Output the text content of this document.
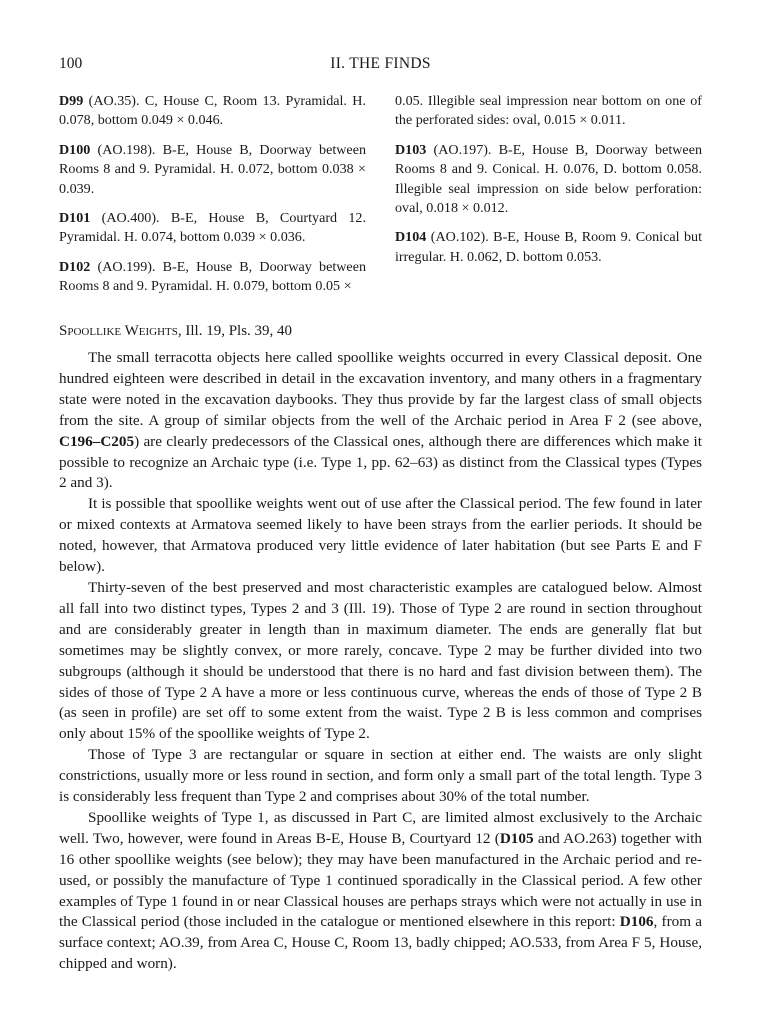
100	II. THE FINDS

D99 (AO.35). C, House C, Room 13. Pyramidal. H. 0.078, bottom 0.049 × 0.046.

D100 (AO.198). B-E, House B, Doorway between Rooms 8 and 9. Pyramidal. H. 0.072, bottom 0.038 × 0.039.

D101 (AO.400). B-E, House B, Courtyard 12. Pyramidal. H. 0.074, bottom 0.039 × 0.036.

D102 (AO.199). B-E, House B, Doorway between Rooms 8 and 9. Pyramidal. H. 0.079, bottom 0.05 ×

0.05. Illegible seal impression near bottom on one of the perforated sides: oval, 0.015 × 0.011.

D103 (AO.197). B-E, House B, Doorway between Rooms 8 and 9. Conical. H. 0.076, D. bottom 0.058. Illegible seal impression on side below perforation: oval, 0.018 × 0.012.

D104 (AO.102). B-E, House B, Room 9. Conical but irregular. H. 0.062, D. bottom 0.053.

Spoollike Weights, Ill. 19, Pls. 39, 40

The small terracotta objects here called spoollike weights occurred in every Classical deposit. One hundred eighteen were described in detail in the excavation inventory, and many others in a fragmentary state were noted in the excavation daybooks. They thus provide by far the largest class of small objects from the site. A group of similar objects from the well of the Archaic period in Area F 2 (see above, C196–C205) are clearly predecessors of the Classical ones, although there are differences which make it possible to recognize an Archaic type (i.e. Type 1, pp. 62–63) as distinct from the Classical types (Types 2 and 3).

It is possible that spoollike weights went out of use after the Classical period. The few found in later or mixed contexts at Armatova seemed likely to have been strays from the earlier periods. It should be noted, however, that Armatova produced very little evidence of later habitation (but see Parts E and F below).

Thirty-seven of the best preserved and most characteristic examples are catalogued below. Almost all fall into two distinct types, Types 2 and 3 (Ill. 19). Those of Type 2 are round in section throughout and are considerably greater in length than in maximum diameter. The ends are generally flat but sometimes may be slightly convex, or more rarely, concave. Type 2 may be further divided into two subgroups (although it should be understood that there is no hard and fast division between them). The sides of those of Type 2 A have a more or less continuous curve, whereas the ends of those of Type 2 B (as seen in profile) are set off to some extent from the waist. Type 2 B is less common and comprises only about 15% of the spoollike weights of Type 2.

Those of Type 3 are rectangular or square in section at either end. The waists are only slight constrictions, usually more or less round in section, and form only a small part of the total length. Type 3 is considerably less frequent than Type 2 and comprises about 30% of the total number.

Spoollike weights of Type 1, as discussed in Part C, are limited almost exclusively to the Archaic well. Two, however, were found in Areas B-E, House B, Courtyard 12 (D105 and AO.263) together with 16 other spoollike weights (see below); they may have been manufactured in the Archaic period and re-used, or possibly the manufacture of Type 1 continued sporadically in the Classical period. A few other examples of Type 1 found in or near Classical houses are perhaps strays which were not actually in use in the Classical period (those included in the catalogue or mentioned elsewhere in this report: D106, from a surface context; AO.39, from Area C, House C, Room 13, badly chipped; AO.533, from Area F 5, House, chipped and worn).
